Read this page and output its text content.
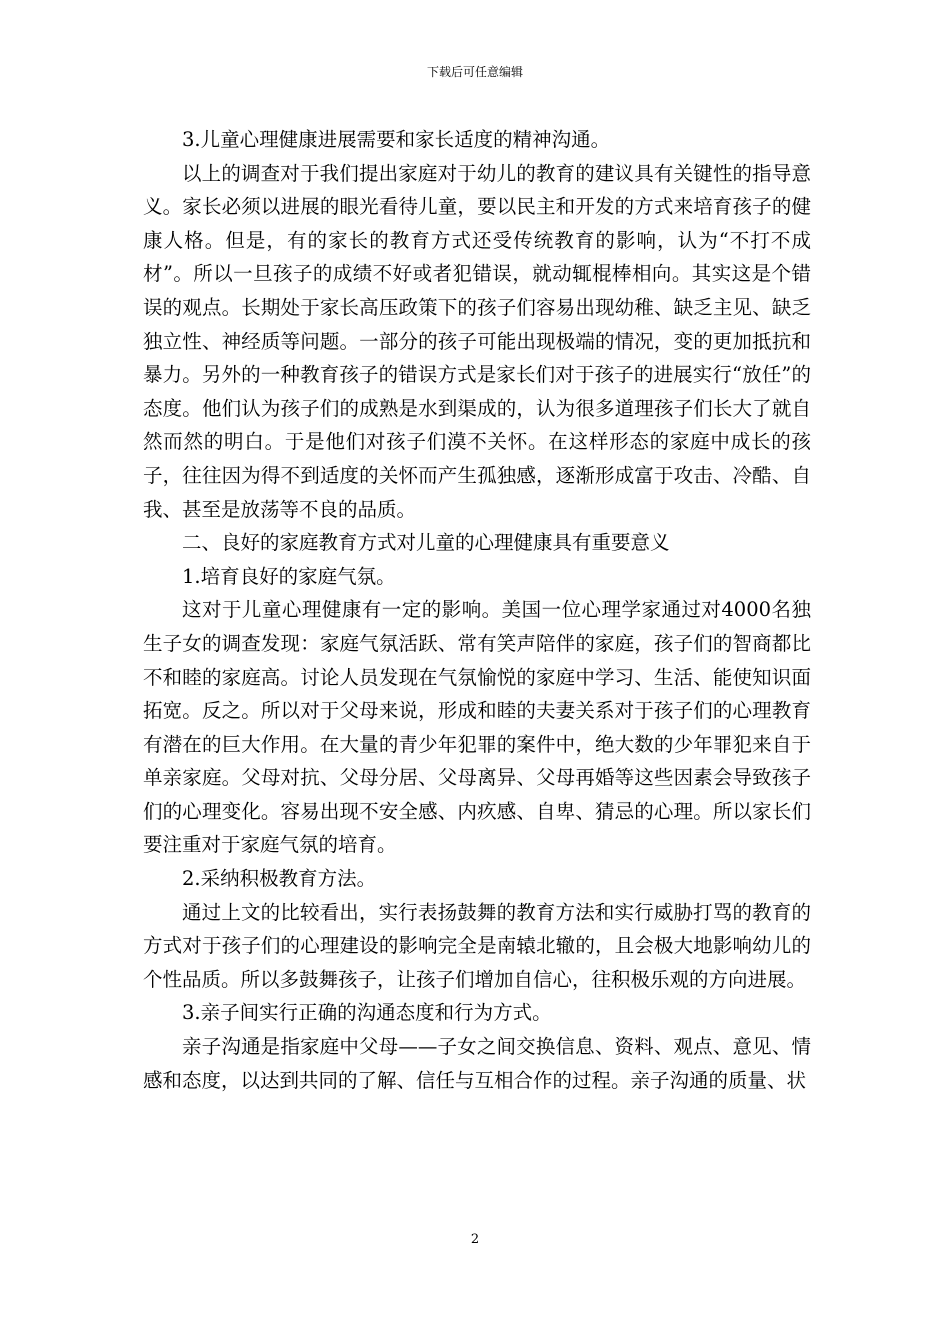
下载后可任意编辑

3.儿童心理健康进展需要和家长适度的精神沟通。

以上的调查对于我们提出家庭对于幼儿的教育的建议具有关键性的指导意义。家长必须以进展的眼光看待儿童，要以民主和开发的方式来培育孩子的健康人格。但是，有的家长的教育方式还受传统教育的影响，认为“不打不成材”。所以一旦孩子的成绩不好或者犯错误，就动辄棍棒相向。其实这是个错误的观点。长期处于家长高压政策下的孩子们容易出现幼稚、缺乏主见、缺乏独立性、神经质等问题。一部分的孩子可能出现极端的情况，变的更加抵抗和暴力。另外的一种教育孩子的错误方式是家长们对于孩子的进展实行“放任”的态度。他们认为孩子们的成熟是水到渠成的，认为很多道理孩子们长大了就自然而然的明白。于是他们对孩子们漠不关怀。在这样形态的家庭中成长的孩子，往往因为得不到适度的关怀而产生孤独感，逐渐形成富于攻击、冷酷、自我、甚至是放荡等不良的品质。

二、良好的家庭教育方式对儿童的心理健康具有重要意义

1.培育良好的家庭气氛。

这对于儿童心理健康有一定的影响。美国一位心理学家通过对4000名独生子女的调查发现：家庭气氛活跃、常有笑声陪伴的家庭，孩子们的智商都比不和睦的家庭高。讨论人员发现在气氛愉悦的家庭中学习、生活、能使知识面拓宽。反之。所以对于父母来说，形成和睦的夫妻关系对于孩子们的心理教育有潜在的巨大作用。在大量的青少年犯罪的案件中，绝大数的少年罪犯来自于单亲家庭。父母对抗、父母分居、父母离异、父母再婚等这些因素会导致孩子们的心理变化。容易出现不安全感、内疚感、自卑、猜忌的心理。所以家长们要注重对于家庭气氛的培育。

2.采纳积极教育方法。

通过上文的比较看出，实行表扬鼓舞的教育方法和实行威胁打骂的教育的方式对于孩子们的心理建设的影响完全是南辕北辙的，且会极大地影响幼儿的个性品质。所以多鼓舞孩子，让孩子们增加自信心，往积极乐观的方向进展。

3.亲子间实行正确的沟通态度和行为方式。

亲子沟通是指家庭中父母——子女之间交换信息、资料、观点、意见、情感和态度，以达到共同的了解、信任与互相合作的过程。亲子沟通的质量、状

2
